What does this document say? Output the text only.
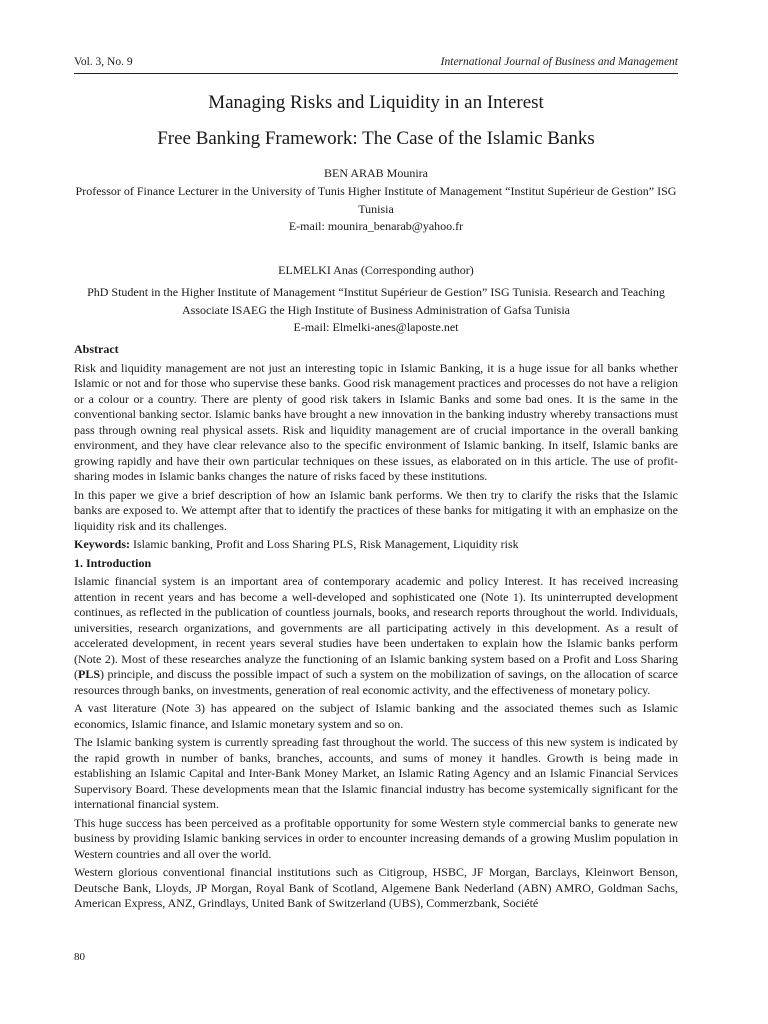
Vol. 3, No. 9	International Journal of Business and Management
Managing Risks and Liquidity in an Interest
Free Banking Framework: The Case of the Islamic Banks
BEN ARAB Mounira
Professor of Finance Lecturer in the University of Tunis Higher Institute of Management “Institut Supérieur de Gestion” ISG Tunisia
E-mail: mounira_benarab@yahoo.fr
ELMELKI Anas (Corresponding author)
PhD Student in the Higher Institute of Management “Institut Supérieur de Gestion” ISG Tunisia. Research and Teaching Associate ISAEG the High Institute of Business Administration of Gafsa Tunisia
E-mail: Elmelki-anes@laposte.net
Abstract

Risk and liquidity management are not just an interesting topic in Islamic Banking, it is a huge issue for all banks whether Islamic or not and for those who supervise these banks. Good risk management practices and processes do not have a religion or a colour or a country. There are plenty of good risk takers in Islamic Banks and some bad ones. It is the same in the conventional banking sector. Islamic banks have brought a new innovation in the banking industry whereby transactions must pass through owning real physical assets. Risk and liquidity management are of crucial importance in the overall banking environment, and they have clear relevance also to the specific environment of Islamic banking. In itself, Islamic banks are growing rapidly and have their own particular techniques on these issues, as elaborated on in this article. The use of profit-sharing modes in Islamic banks changes the nature of risks faced by these institutions.

In this paper we give a brief description of how an Islamic bank performs. We then try to clarify the risks that the Islamic banks are exposed to. We attempt after that to identify the practices of these banks for mitigating it with an emphasize on the liquidity risk and its challenges.

Keywords: Islamic banking, Profit and Loss Sharing PLS, Risk Management, Liquidity risk

1. Introduction

Islamic financial system is an important area of contemporary academic and policy Interest. It has received increasing attention in recent years and has become a well-developed and sophisticated one (Note 1). Its uninterrupted development continues, as reflected in the publication of countless journals, books, and research reports throughout the world. Individuals, universities, research organizations, and governments are all participating actively in this development. As a result of accelerated development, in recent years several studies have been undertaken to explain how the Islamic banks perform (Note 2). Most of these researches analyze the functioning of an Islamic banking system based on a Profit and Loss Sharing (PLS) principle, and discuss the possible impact of such a system on the mobilization of savings, on the allocation of scarce resources through banks, on investments, generation of real economic activity, and the effectiveness of monetary policy.

A vast literature (Note 3) has appeared on the subject of Islamic banking and the associated themes such as Islamic economics, Islamic finance, and Islamic monetary system and so on.

The Islamic banking system is currently spreading fast throughout the world. The success of this new system is indicated by the rapid growth in number of banks, branches, accounts, and sums of money it handles. Growth is being made in establishing an Islamic Capital and Inter-Bank Money Market, an Islamic Rating Agency and an Islamic Financial Services Supervisory Board. These developments mean that the Islamic financial industry has become systemically significant for the international financial system.

This huge success has been perceived as a profitable opportunity for some Western style commercial banks to generate new business by providing Islamic banking services in order to encounter increasing demands of a growing Muslim population in Western countries and all over the world.

Western glorious conventional financial institutions such as Citigroup, HSBC, JF Morgan, Barclays, Kleinwort Benson, Deutsche Bank, Lloyds, JP Morgan, Royal Bank of Scotland, Algemene Bank Nederland (ABN) AMRO, Goldman Sachs, American Express, ANZ, Grindlays, United Bank of Switzerland (UBS), Commerzbank, Société

80
